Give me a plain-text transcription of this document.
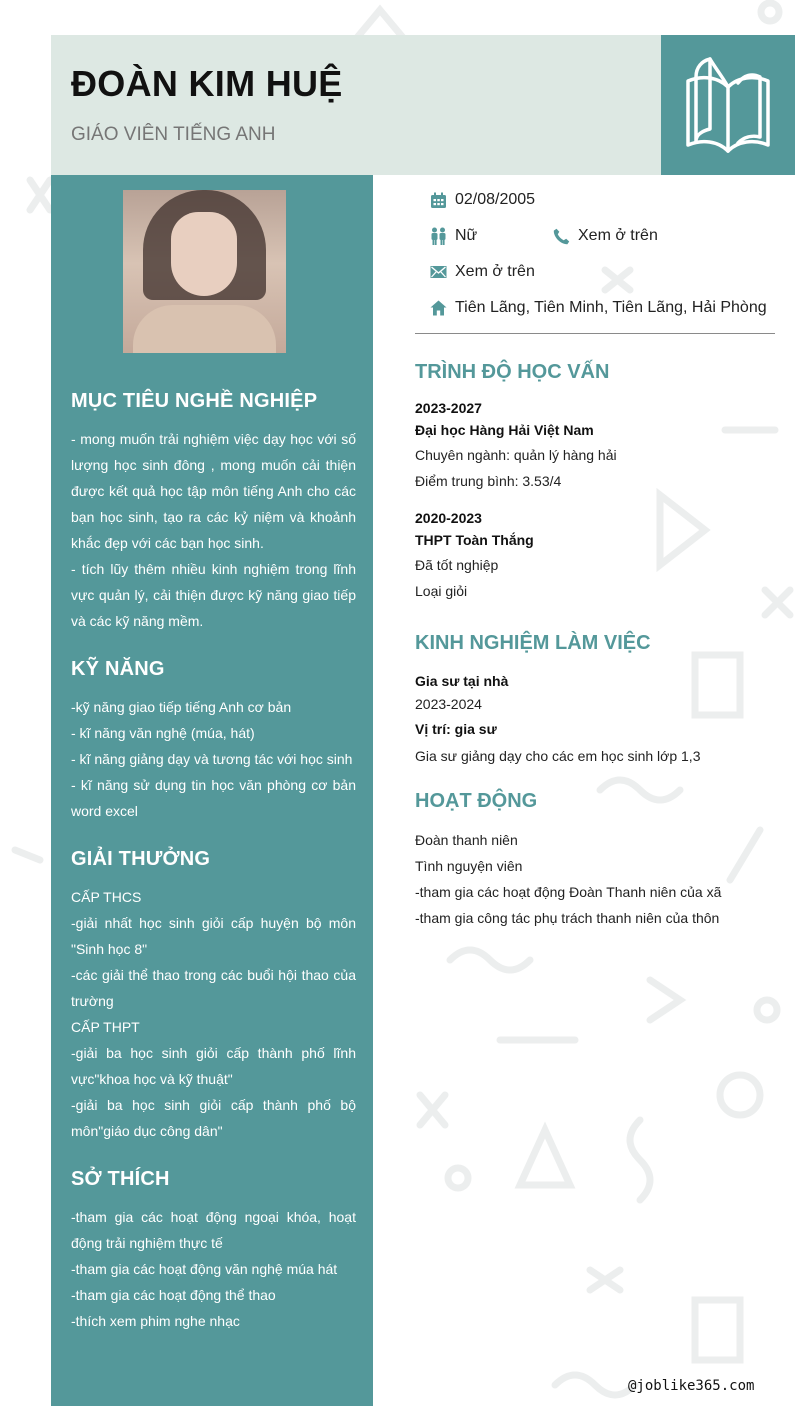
ĐOÀN KIM HUỆ
GIÁO VIÊN TIẾNG ANH
MỤC TIÊU NGHỀ NGHIỆP
- mong muốn trải nghiệm việc dạy học với số lượng học sinh đông , mong muốn cải thiện được kết quả học tập môn tiếng Anh cho các bạn học sinh, tạo ra các kỷ niệm và khoảnh khắc đẹp với các bạn học sinh.
- tích lũy thêm nhiều kinh nghiệm trong lĩnh vực quản lý, cải thiện được kỹ năng giao tiếp và các kỹ năng mềm.
KỸ NĂNG
-kỹ năng giao tiếp tiếng Anh cơ bản
- kĩ năng văn nghệ (múa, hát)
- kĩ năng giảng dạy và tương tác với học sinh
- kĩ năng sử dụng tin học văn phòng cơ bản word excel
GIẢI THƯỞNG
CẤP THCS
-giải nhất học sinh giỏi cấp huyện bộ môn "Sinh học 8"
-các giải thể thao trong các buổi hội thao của trường
CẤP THPT
-giải ba học sinh giỏi cấp thành phố lĩnh vực"khoa học và kỹ thuật"
-giải ba học sinh giỏi cấp thành phố bộ môn"giáo dục công dân"
SỞ THÍCH
-tham gia các hoạt động ngoại khóa, hoạt động trải nghiệm thực tế
-tham gia các hoạt động văn nghệ múa hát
-tham gia các hoạt động thể thao
-thích xem phim nghe nhạc
02/08/2005
Nữ	Xem ở trên
Xem ở trên
Tiên Lãng, Tiên Minh, Tiên Lãng, Hải Phòng
TRÌNH ĐỘ HỌC VẤN
2023-2027
Đại học Hàng Hải Việt Nam
Chuyên ngành: quản lý hàng hải
Điểm trung bình: 3.53/4
2020-2023
THPT Toàn Thắng
Đã tốt nghiệp
Loại giỏi
KINH NGHIỆM LÀM VIỆC
Gia sư tại nhà
2023-2024
Vị trí: gia sư
Gia sư giảng dạy cho các em học sinh lớp 1,3
HOẠT ĐỘNG
Đoàn thanh niên
Tình nguyện viên
-tham gia các hoạt động Đoàn Thanh niên của xã
-tham gia công tác phụ trách thanh niên của thôn
@joblike365.com
